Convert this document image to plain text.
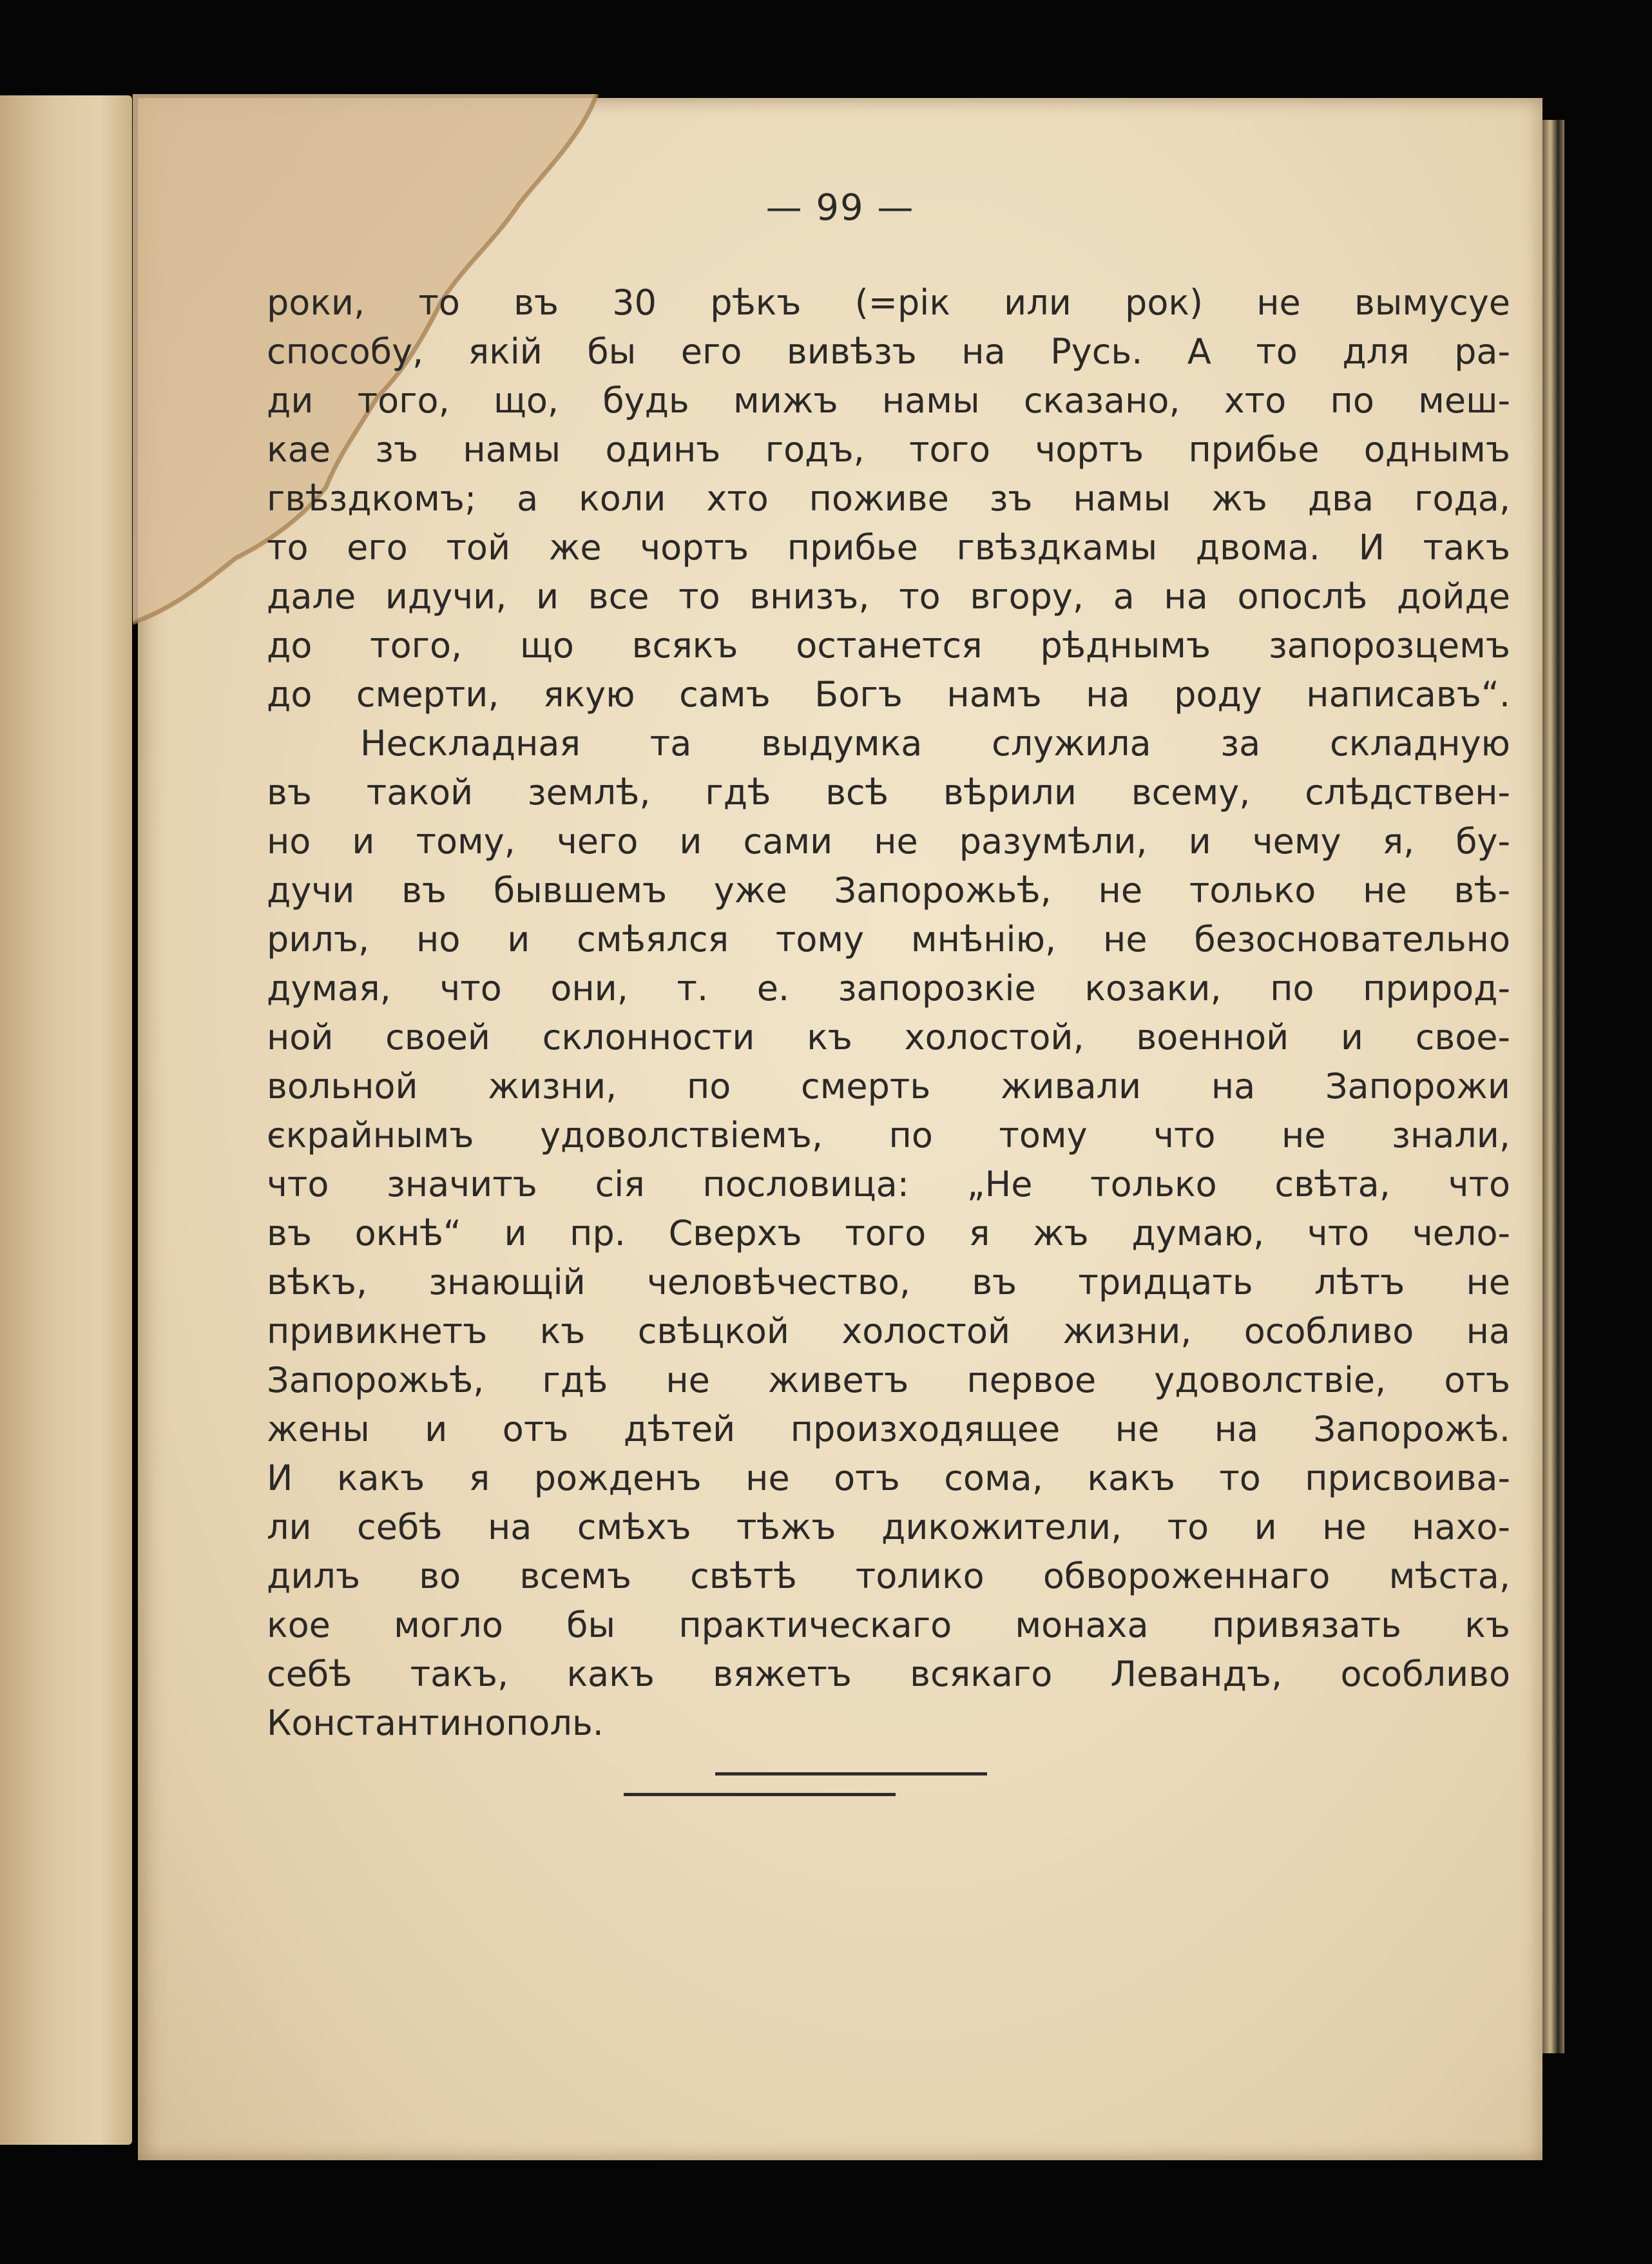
— 99 —
роки, то въ 30 рѣкъ (=рік или рок) не вымусуе
способу, якій бы его вивѣзъ на Русь. А то для ра-
ди того, що, будь мижъ намы сказано, хто по меш-
кае зъ намы одинъ годъ, того чортъ прибье однымъ
гвѣздкомъ; а коли хто поживе зъ намы жъ два года,
то его той же чортъ прибье гвѣздкамы двома. И такъ
дале идучи, и все то внизъ, то вгору, а на опослѣ дойде
до того, що всякъ останется рѣднымъ запорозцемъ
до смерти, якую самъ Богъ намъ на роду написавъ“.
Нескладная та выдумка служила за складную
въ такой землѣ, гдѣ всѣ вѣрили всему, слѣдствен-
но и тому, чего и сами не разумѣли, и чему я, бу-
дучи въ бывшемъ уже Запорожьѣ, не только не вѣ-
рилъ, но и смѣялся тому мнѣнію, не безосновательно
думая, что они, т. е. запорозкіе козаки, по природ-
ной своей склонности къ холостой, военной и свое-
вольной жизни, по смерть живали на Запорожи
єкрайнымъ удоволствіемъ, по тому что не знали,
что значитъ сія пословица: „Не только свѣта, что
въ окнѣ“ и пр. Сверхъ того я жъ думаю, что чело-
вѣкъ, знающій человѣчество, въ тридцать лѣтъ не
привикнетъ къ свѣцкой холостой жизни, особливо на
Запорожьѣ, гдѣ не живетъ первое удоволствіе, отъ
жены и отъ дѣтей произходящее не на Запорожѣ.
И какъ я рожденъ не отъ сома, какъ то присвоива-
ли себѣ на смѣхъ тѣжъ дикожители, то и не нахо-
дилъ во всемъ свѣтѣ толико обвороженнаго мѣста,
кое могло бы практическаго монаха привязать къ
себѣ такъ, какъ вяжетъ всякаго Левандъ, особливо
Константинополь.
